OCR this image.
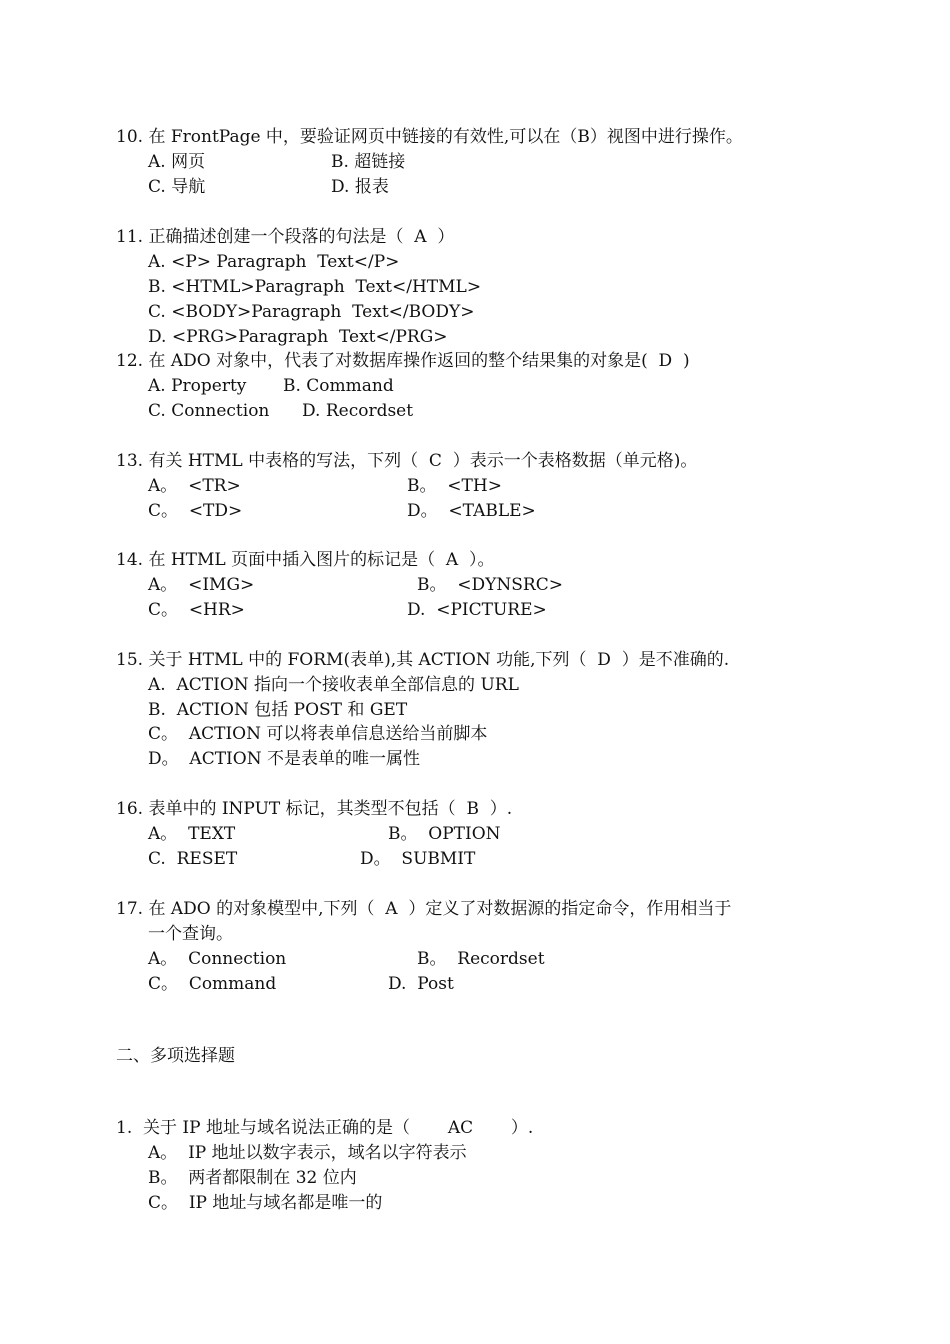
10. 在 FrontPage 中，要验证网页中链接的有效性,可以在（B）视图中进行操作。
A. 网页	B. 超链接
C. 导航	D. 报表
11. 正确描述创建一个段落的句法是（  A  ）
A. <P> Paragraph  Text</P>
B. <HTML>Paragraph  Text</HTML>
C. <BODY>Paragraph  Text</BODY>
D. <PRG>Paragraph  Text</PRG>
12. 在 ADO 对象中，代表了对数据库操作返回的整个结果集的对象是(  D  )
A. Property B. Command
C. Connection D. Recordset
13. 有关 HTML 中表格的写法，下列（  C  ）表示一个表格数据（单元格)。
A。  <TR>	B。  <TH>
C。  <TD>	D。  <TABLE>
14. 在 HTML 页面中插入图片的标记是（  A  ）。
A。  <IMG>	B。  <DYNSRC>
C。  <HR>	D.  <PICTURE>
15. 关于 HTML 中的 FORM(表单),其 ACTION 功能,下列（  D  ）是不准确的.
A.  ACTION 指向一个接收表单全部信息的 URL
B.  ACTION 包括 POST 和 GET
C。  ACTION 可以将表单信息送给当前脚本
D。  ACTION 不是表单的唯一属性
16. 表单中的 INPUT 标记，其类型不包括（  B  ）.
A。  TEXT	B。  OPTION
C.  RESET	D。  SUBMIT
17. 在 ADO 的对象模型中,下列（  A  ）定义了对数据源的指定命令，作用相当于
一个查询。
A。  Connection	B。  Recordset
C。  Command	D.  Post
二、多项选择题
1.  关于 IP 地址与域名说法正确的是（       AC       ）.
A。  IP 地址以数字表示，域名以字符表示
B。  两者都限制在 32 位内
C。  IP 地址与域名都是唯一的
